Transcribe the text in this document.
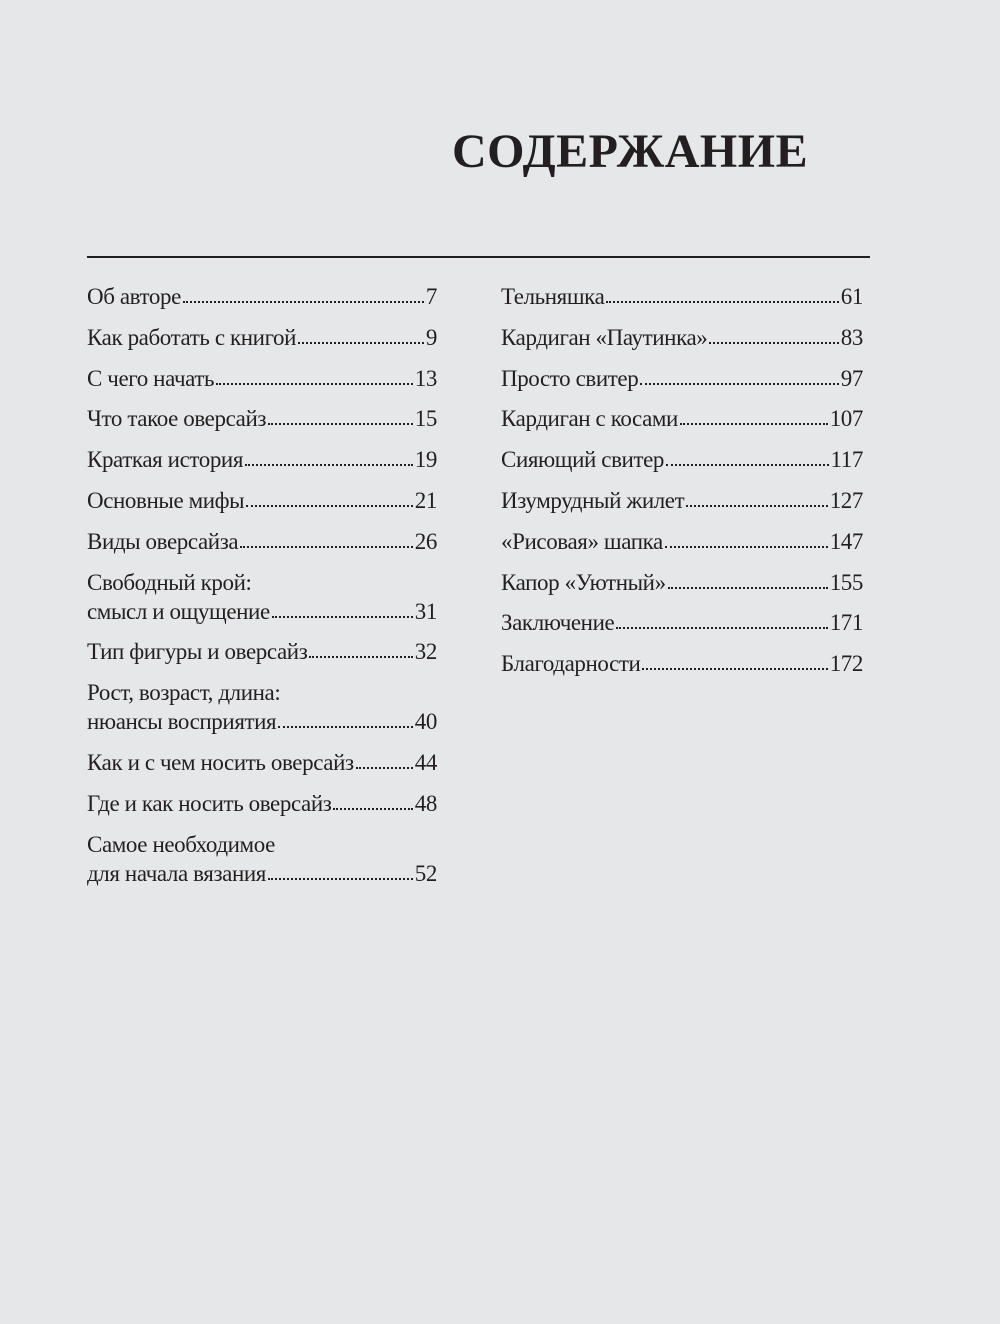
СОДЕРЖАНИЕ
Об авторе	7
Как работать с книгой	9
С чего начать	13
Что такое оверсайз	15
Краткая история	19
Основные мифы	21
Виды оверсайза	26
Свободный крой:
смысл и ощущение	31
Тип фигуры и оверсайз	32
Рост, возраст, длина:
нюансы восприятия	40
Как и с чем носить оверсайз	44
Где и как носить оверсайз	48
Самое необходимое
для начала вязания	52
Тельняшка	61
Кардиган «Паутинка»	83
Просто свитер	97
Кардиган с косами	107
Сияющий свитер	117
Изумрудный жилет	127
«Рисовая» шапка	147
Капор «Уютный»	155
Заключение	171
Благодарности	172
